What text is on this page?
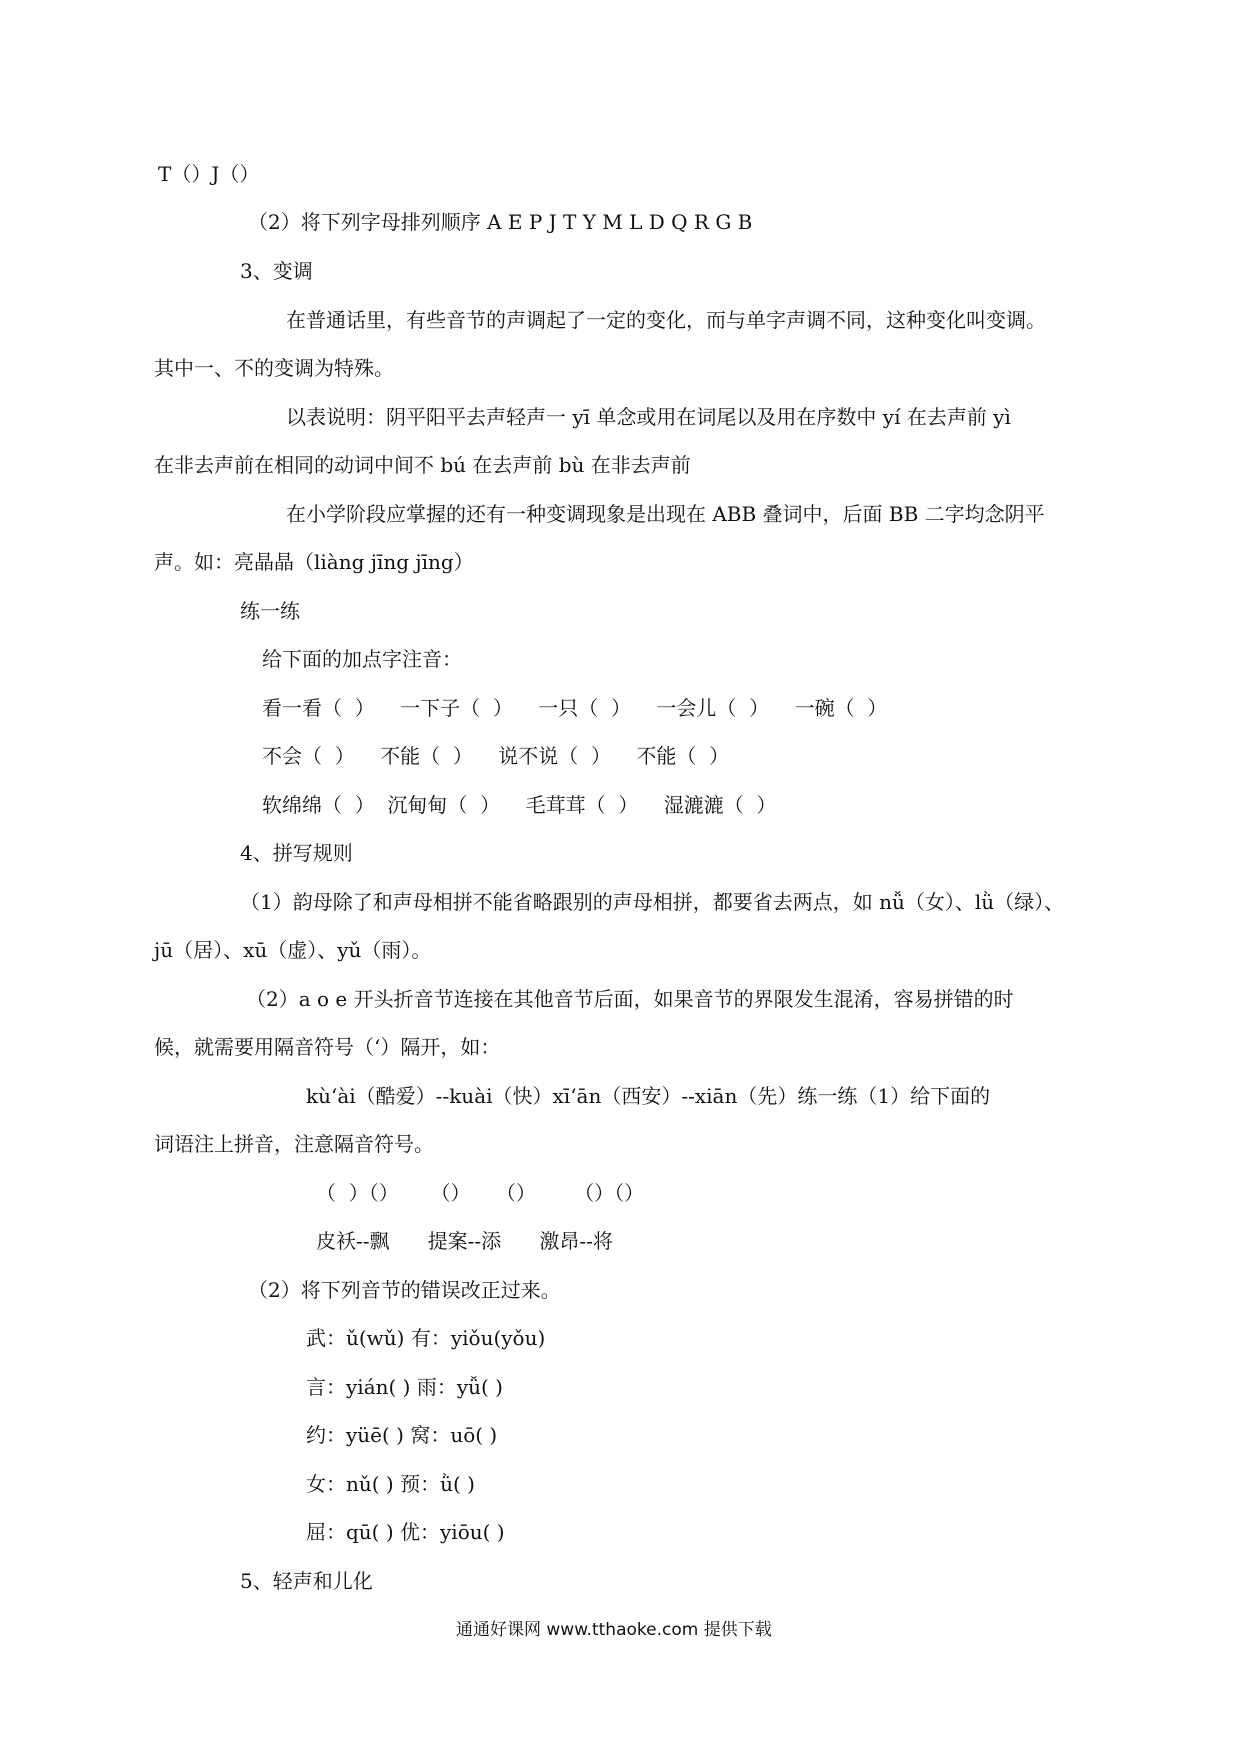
T（）J（）
（2）将下列字母排列顺序 A E P J T Y M L D Q R G B
3、变调
在普通话里，有些音节的声调起了一定的变化，而与单字声调不同，这种变化叫变调。
其中一、不的变调为特殊。
以表说明：阴平阳平去声轻声一 yī 单念或用在词尾以及用在序数中 yí 在去声前 yì
在非去声前在相同的动词中间不 bú 在去声前 bù 在非去声前
在小学阶段应掌握的还有一种变调现象是出现在 ABB 叠词中，后面 BB 二字均念阴平
声。如：亮晶晶（liàng jīng jīng）
练一练
给下面的加点字注音：
看一看（  ）    一下子（  ）    一只（  ）    一会儿（  ）    一碗（  ）
不会（  ）    不能（  ）    说不说（  ）    不能（  ）
软绵绵（  ）  沉甸甸（  ）    毛茸茸（  ）    湿漉漉（  ）
4、拼写规则
（1）韵母除了和声母相拼不能省略跟别的声母相拼，都要省去两点，如 nǚ（女）、lǜ（绿）、
jū（居）、xū（虚）、yǔ（雨）。
（2）a o e 开头折音节连接在其他音节后面，如果音节的界限发生混淆，容易拼错的时
候，就需要用隔音符号（‘）隔开，如：
kù‘ài（酷爱）--kuài（快）xī‘ān（西安）--xiān（先）练一练（1）给下面的
词语注上拼音，注意隔音符号。
（  ）（）     （）    （）      （）（）
皮袄--飘      提案--添      激昂--将
（2）将下列音节的错误改正过来。
武：ǔ(wǔ) 有：yiǒu(yǒu)
言：yián( ) 雨：yǚ( )
约：yüē( ) 窝：uō( )
女：nǔ( ) 预：ǜ( )
屈：qū( ) 优：yiōu( )
5、轻声和儿化
通通好课网 www.tthaoke.com 提供下载
